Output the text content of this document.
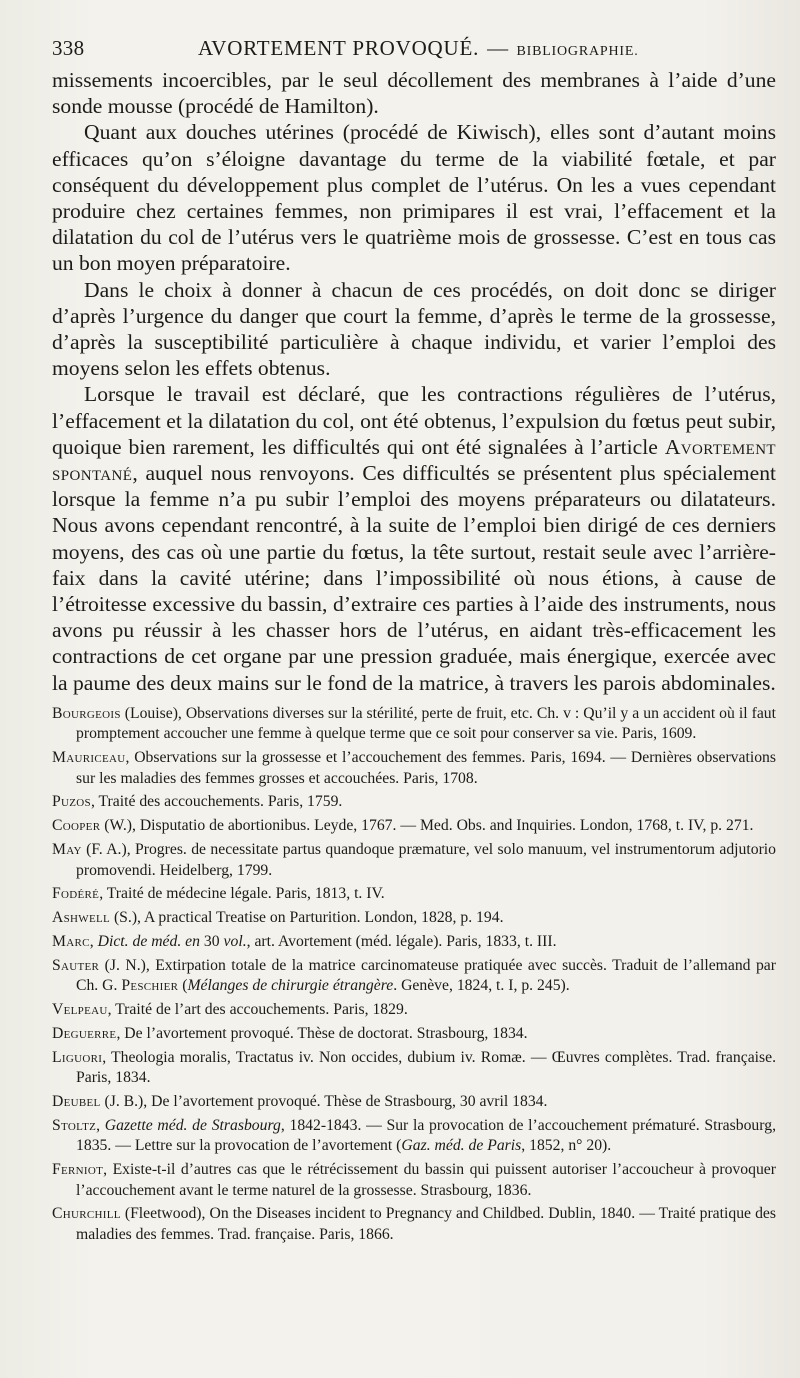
338	AVORTEMENT PROVOQUÉ. — BIBLIOGRAPHIE.

missements incoercibles, par le seul décollement des membranes à l’aide d’une sonde mousse (procédé de Hamilton).

Quant aux douches utérines (procédé de Kiwisch), elles sont d’autant moins efficaces qu’on s’éloigne davantage du terme de la viabilité fœtale, et par conséquent du développement plus complet de l’utérus. On les a vues cependant produire chez certaines femmes, non primipares il est vrai, l’effacement et la dilatation du col de l’utérus vers le quatrième mois de grossesse. C’est en tous cas un bon moyen préparatoire.

Dans le choix à donner à chacun de ces procédés, on doit donc se diriger d’après l’urgence du danger que court la femme, d’après le terme de la grossesse, d’après la susceptibilité particulière à chaque individu, et varier l’emploi des moyens selon les effets obtenus.

Lorsque le travail est déclaré, que les contractions régulières de l’utérus, l’effacement et la dilatation du col, ont été obtenus, l’expulsion du fœtus peut subir, quoique bien rarement, les difficultés qui ont été signalées à l’article Avortement spontané, auquel nous renvoyons. Ces difficultés se présentent plus spécialement lorsque la femme n’a pu subir l’emploi des moyens préparateurs ou dilatateurs. Nous avons cependant rencontré, à la suite de l’emploi bien dirigé de ces derniers moyens, des cas où une partie du fœtus, la tête surtout, restait seule avec l’arrière-faix dans la cavité utérine; dans l’impossibilité où nous étions, à cause de l’étroitesse excessive du bassin, d’extraire ces parties à l’aide des instruments, nous avons pu réussir à les chasser hors de l’utérus, en aidant très-efficacement les contractions de cet organe par une pression graduée, mais énergique, exercée avec la paume des deux mains sur le fond de la matrice, à travers les parois abdominales.

Bourgeois (Louise), Observations diverses sur la stérilité, perte de fruit, etc. Ch. v : Qu’il y a un accident où il faut promptement accoucher une femme à quelque terme que ce soit pour conserver sa vie. Paris, 1609.

Mauriceau, Observations sur la grossesse et l’accouchement des femmes. Paris, 1694. — Dernières observations sur les maladies des femmes grosses et accouchées. Paris, 1708.

Puzos, Traité des accouchements. Paris, 1759.

Cooper (W.), Disputatio de abortionibus. Leyde, 1767. — Med. Obs. and Inquiries. London, 1768, t. IV, p. 271.

May (F. A.), Progres. de necessitate partus quandoque præmature, vel solo manuum, vel instrumentorum adjutorio promovendi. Heidelberg, 1799.

Fodéré, Traité de médecine légale. Paris, 1813, t. IV.

Ashwell (S.), A practical Treatise on Parturition. London, 1828, p. 194.

Marc, Dict. de méd. en 30 vol., art. Avortement (méd. légale). Paris, 1833, t. III.

Sauter (J. N.), Extirpation totale de la matrice carcinomateuse pratiquée avec succès. Traduit de l’allemand par Ch. G. Peschier (Mélanges de chirurgie étrangère. Genève, 1824, t. I, p. 245).

Velpeau, Traité de l’art des accouchements. Paris, 1829.

Deguerre, De l’avortement provoqué. Thèse de doctorat. Strasbourg, 1834.

Liguori, Theologia moralis, Tractatus iv. Non occides, dubium iv. Romæ. — Œuvres complètes. Trad. française. Paris, 1834.

Deubel (J. B.), De l’avortement provoqué. Thèse de Strasbourg, 30 avril 1834.

Stoltz, Gazette méd. de Strasbourg, 1842-1843. — Sur la provocation de l’accouchement prématuré. Strasbourg, 1835. — Lettre sur la provocation de l’avortement (Gaz. méd. de Paris, 1852, n° 20).

Ferniot, Existe-t-il d’autres cas que le rétrécissement du bassin qui puissent autoriser l’accoucheur à provoquer l’accouchement avant le terme naturel de la grossesse. Strasbourg, 1836.

Churchill (Fleetwood), On the Diseases incident to Pregnancy and Childbed. Dublin, 1840. — Traité pratique des maladies des femmes. Trad. française. Paris, 1866.
